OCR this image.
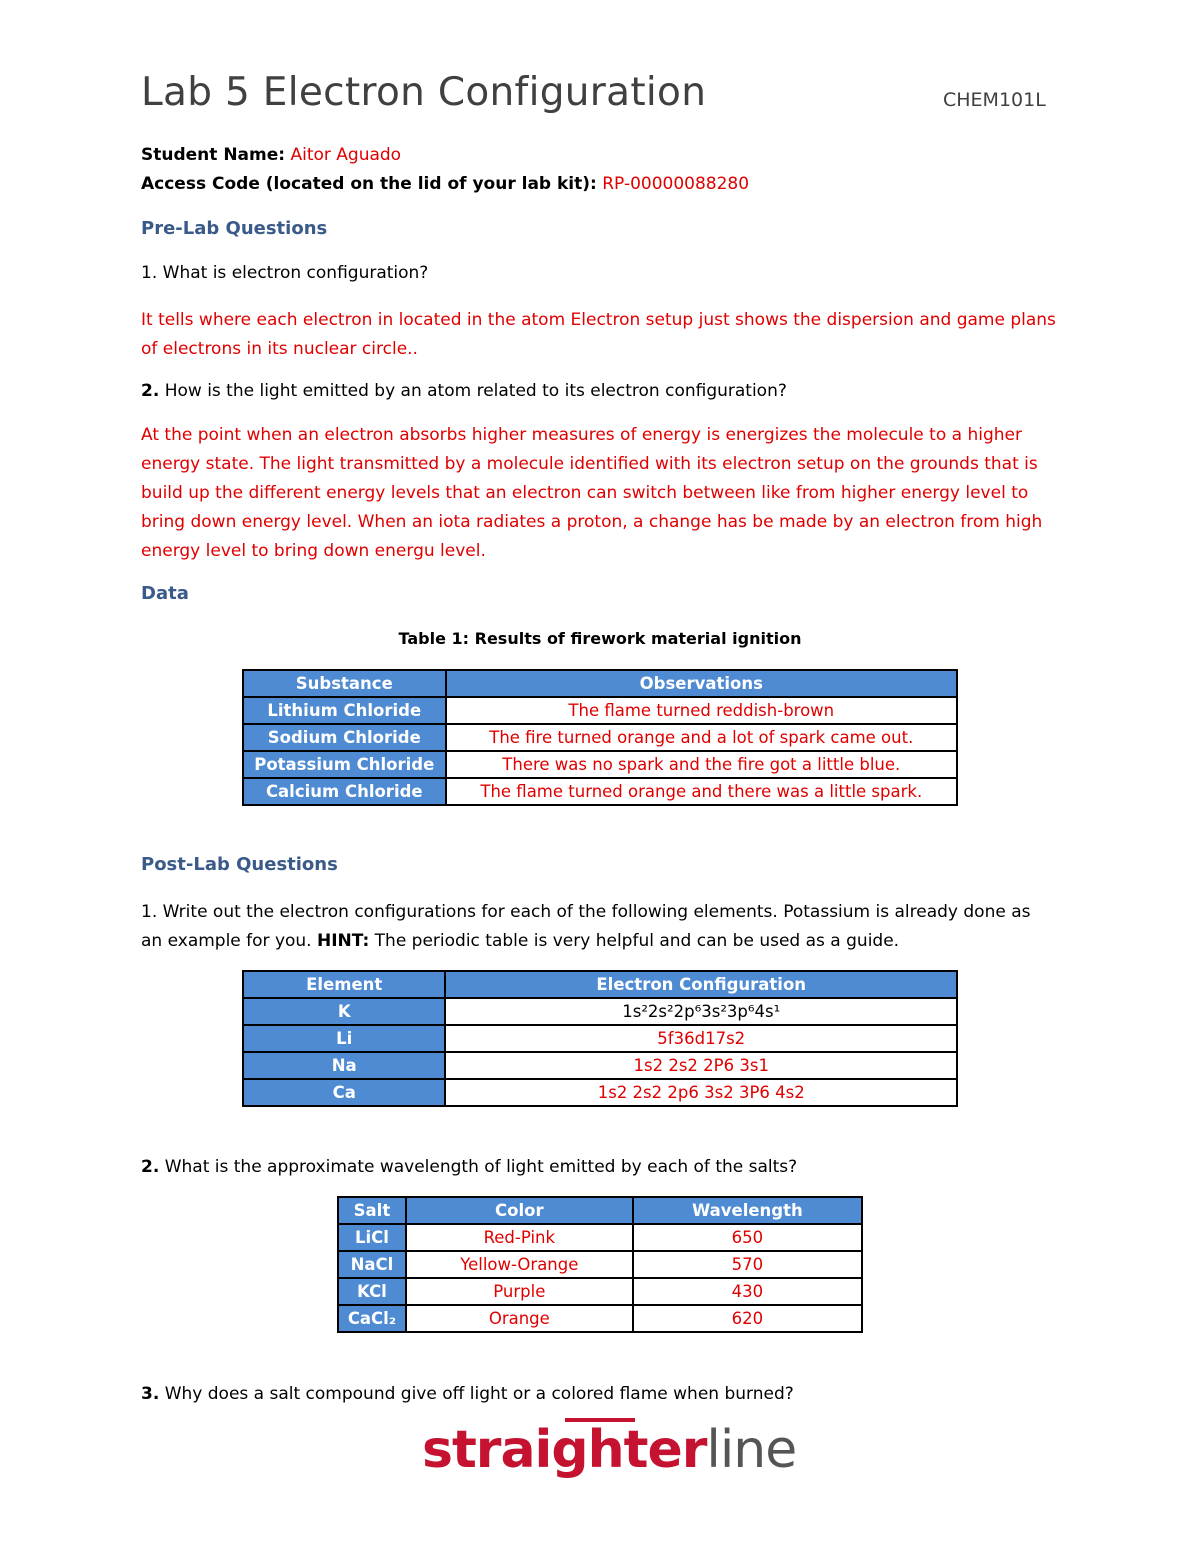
Lab 5 Electron Configuration	CHEM101L
Student Name: Aitor Aguado
Access Code (located on the lid of your lab kit): RP-00000088280
Pre-Lab Questions
1. What is electron configuration?
It tells where each electron in located in the atom Electron setup just shows the dispersion and game plans of electrons in its nuclear circle..
2. How is the light emitted by an atom related to its electron configuration?
At the point when an electron absorbs higher measures of energy is energizes the molecule to a higher energy state. The light transmitted by a molecule identified with its electron setup on the grounds that is build up the different energy levels that an electron can switch between like from higher energy level to bring down energy level. When an iota radiates a proton, a change has be made by an electron from high energy level to bring down energu level.
Data
Table 1: Results of firework material ignition
Substance	Observations
Lithium Chloride	The flame turned reddish-brown
Sodium Chloride	The fire turned orange and a lot of spark came out.
Potassium Chloride	There was no spark and the fire got a little blue.
Calcium Chloride	The flame turned orange and there was a little spark.
Post-Lab Questions
1. Write out the electron configurations for each of the following elements. Potassium is already done as
an example for you. HINT: The periodic table is very helpful and can be used as a guide.
Element	Electron Configuration
K	1s²2s²2p⁶3s²3p⁶4s¹
Li	5f36d17s2
Na	1s2 2s2 2P6 3s1
Ca	1s2 2s2 2p6 3s2 3P6 4s2
2. What is the approximate wavelength of light emitted by each of the salts?
Salt	Color	Wavelength
LiCl	Red-Pink	650
NaCl	Yellow-Orange	570
KCl	Purple	430
CaCl₂	Orange	620
3. Why does a salt compound give off light or a colored flame when burned?
straighterline
